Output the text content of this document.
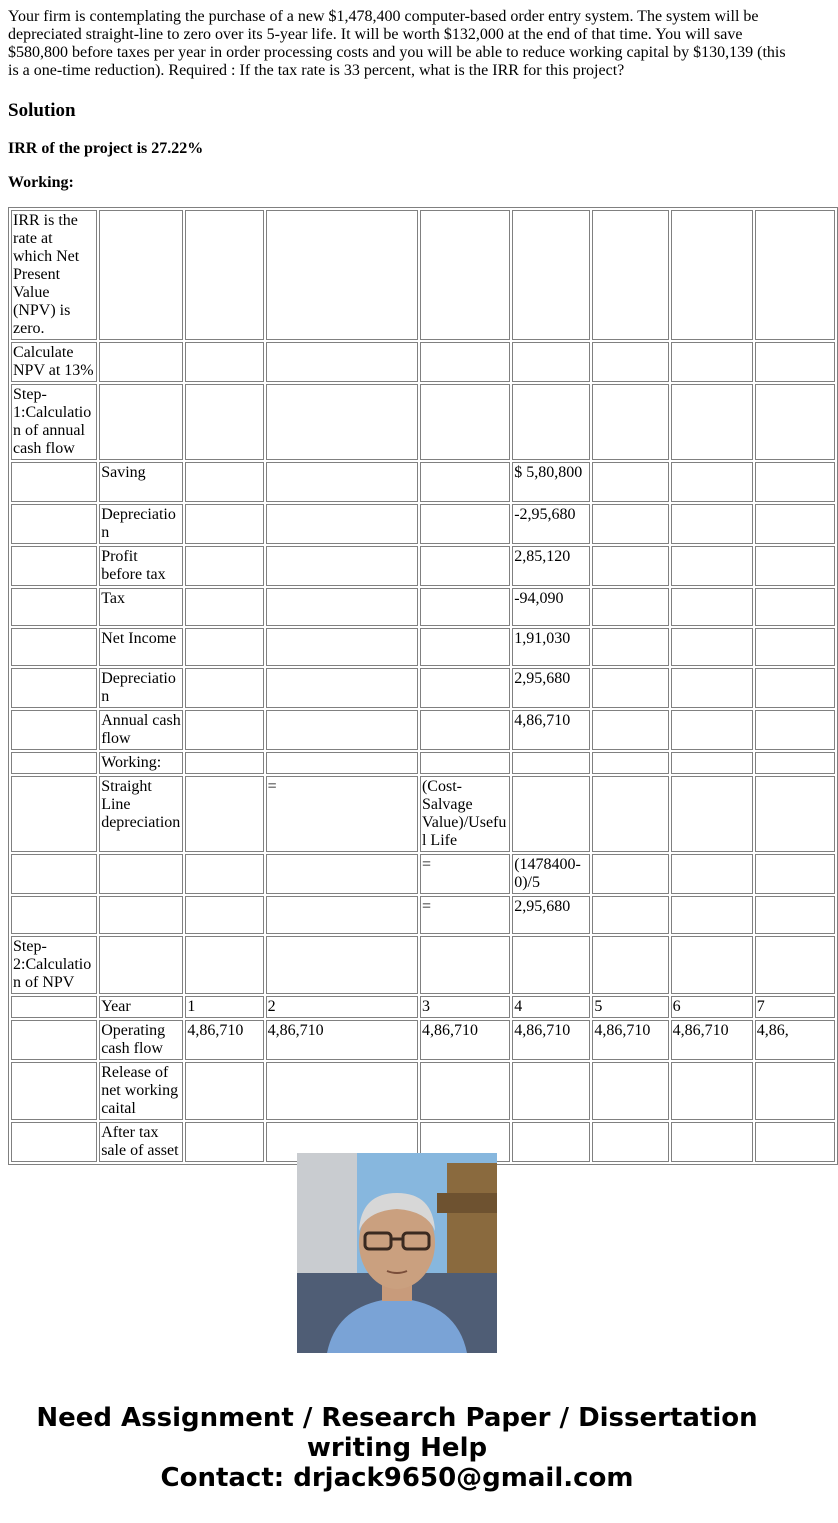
Your firm is contemplating the purchase of a new $1,478,400 computer-based order entry system. The system will be depreciated straight-line to zero over its 5-year life. It will be worth $132,000 at the end of that time. You will save $580,800 before taxes per year in order processing costs and you will be able to reduce working capital by $130,139 (this is a one-time reduction). Required : If the tax rate is 33 percent, what is the IRR for this project?

Solution

IRR of the project is 27.22%

Working:

IRR is the rate at which Net Present Value (NPV) is zero.								
Calculate NPV at 13%								
Step-1:Calculation of annual cash flow								
	Saving				$ 5,80,800			
	Depreciation				-2,95,680			
	Profit before tax				2,85,120			
	Tax				-94,090			
	Net Income				1,91,030			
	Depreciation				2,95,680			
	Annual cash flow				4,86,710			
	Working:							
	Straight Line depreciation		=	(Cost-Salvage Value)/Useful Life				
				=	(1478400-0)/5			
				=	2,95,680			
Step-2:Calculation of NPV								
	Year	1	2	3	4	5	6	7
	Operating cash flow	4,86,710	4,86,710	4,86,710	4,86,710	4,86,710	4,86,710	4,86,
	Release of net working caital							
	After tax sale of asset							
Need Assignment / Research Paper / Dissertation
writing Help
Contact: drjack9650@gmail.com
